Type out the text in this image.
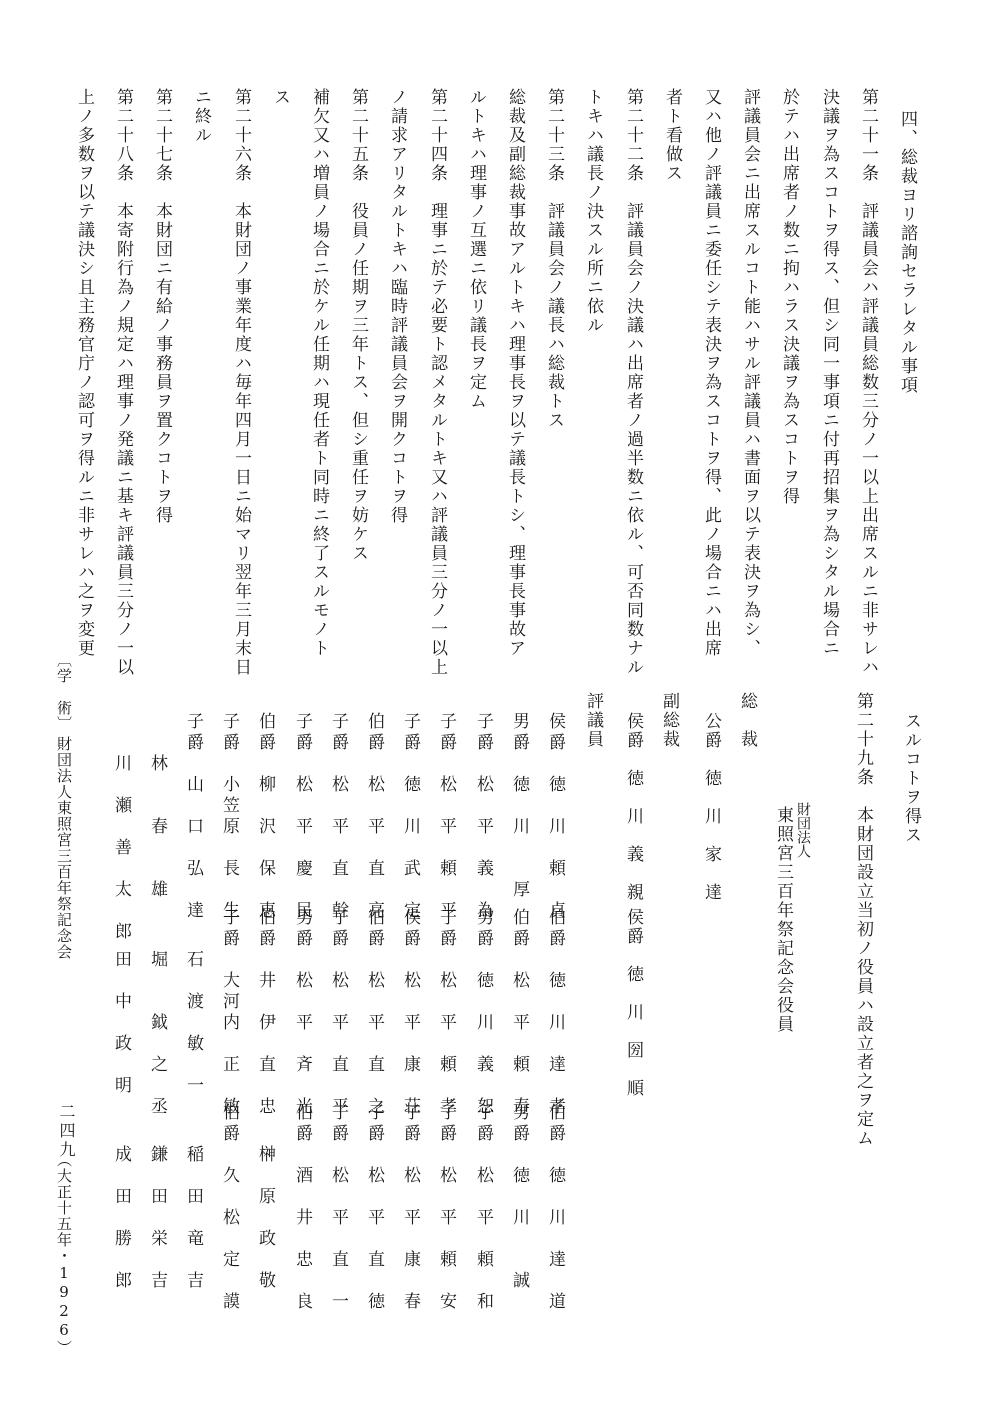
四、総裁ヨリ諮詢セラレタル事項
第二十一条　評議員会ハ評議員総数三分ノ一以上出席スルニ非サレハ
決議ヲ為スコトヲ得ス、但シ同一事項ニ付再招集ヲ為シタル場合ニ
於テハ出席者ノ数ニ拘ハラス決議ヲ為スコトヲ得
評議員会ニ出席スルコト能ハサル評議員ハ書面ヲ以テ表決ヲ為シ、
又ハ他ノ評議員ニ委任シテ表決ヲ為スコトヲ得、此ノ場合ニハ出席
者ト看做ス
第二十二条　評議員会ノ決議ハ出席者ノ過半数ニ依ル、可否同数ナル
トキハ議長ノ決スル所ニ依ル
第二十三条　評議員会ノ議長ハ総裁トス
総裁及副総裁事故アルトキハ理事長ヲ以テ議長トシ、理事長事故ア
ルトキハ理事ノ互選ニ依リ議長ヲ定ム
第二十四条　理事ニ於テ必要ト認メタルトキ又ハ評議員三分ノ一以上
ノ請求アリタルトキハ臨時評議員会ヲ開クコトヲ得
第二十五条　役員ノ任期ヲ三年トス、但シ重任ヲ妨ケス
補欠又ハ増員ノ場合ニ於ケル任期ハ現任者ト同時ニ終了スルモノト
ス
第二十六条　本財団ノ事業年度ハ毎年四月一日ニ始マリ翌年三月末日
ニ終ル
第二十七条　本財団ニ有給ノ事務員ヲ置クコトヲ得
第二十八条　本寄附行為ノ規定ハ理事ノ発議ニ基キ評議員三分ノ一以
上ノ多数ヲ以テ議決シ且主務官庁ノ認可ヲ得ルニ非サレハ之ヲ変更
スルコトヲ得ス
第二十九条　本財団設立当初ノ役員ハ設立者之ヲ定ム
財団法人
東照宮三百年祭記念会役員
総　裁
公爵　徳　川　家　達
副総裁
侯爵　徳　川　義　親
侯爵　徳　川　圀　順
評議員
侯爵　徳　川　頼　貞
伯爵　徳　川　達　孝
伯爵　徳　川　達　道
男爵　徳　川　　厚
伯爵　松　平　頼　寿
男爵　徳　川　　誠
子爵　松　平　義　為
男爵　徳　川　義　恕
子爵　松　平　頼　和
子爵　松　平　頼　平
子爵　松　平　頼　孝
子爵　松　平　頼　安
子爵　徳　川　武　定
侯爵　松　平　康　荘
子爵　松　平　康　春
伯爵　松　平　直　亮
伯爵　松　平　直　之
子爵　松　平　直　徳
子爵　松　平　直　幹
子爵　松　平　直　平
子爵　松　平　直　一
子爵　松　平　慶　民
男爵　松　平　斉　光
伯爵　酒　井　忠　良
伯爵　柳　沢　保　恵
伯爵　井　伊　直　忠
榊　原　政　敬
子爵　小笠原　長　生
子爵　大河内　正　敏
伯爵　久　松　定　謨
子爵　山　口　弘　達
石　渡　敏　一
稲　田　竜　吉
林　　春　　雄
堀　　鉞　之　丞
鎌　田　栄　吉
川　瀬　善　太　郎
田　中　政　明
成　田　勝　郎
〔学　術〕
財団法人東照宮三百年祭記念会
（大正十五年・1926）
二四九
